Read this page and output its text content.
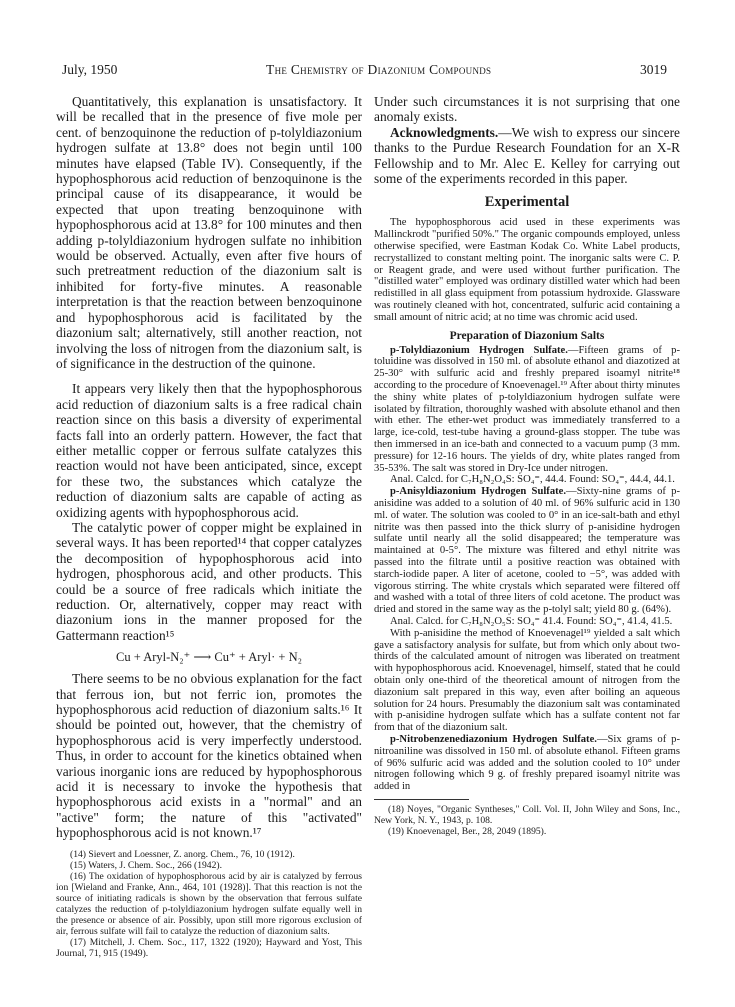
July, 1950	The Chemistry of Diazonium Compounds	3019

Quantitatively, this explanation is unsatisfactory. It will be recalled that in the presence of five mole per cent. of benzoquinone the reduction of p-tolyldiazonium hydrogen sulfate at 13.8° does not begin until 100 minutes have elapsed (Table IV). Consequently, if the hypophosphorous acid reduction of benzoquinone is the principal cause of its disappearance, it would be expected that upon treating benzoquinone with hypophosphorous acid at 13.8° for 100 minutes and then adding p-tolyldiazonium hydrogen sulfate no inhibition would be observed. Actually, even after five hours of such pretreatment reduction of the diazonium salt is inhibited for forty-five minutes. A reasonable interpretation is that the reaction between benzoquinone and hypophosphorous acid is facilitated by the diazonium salt; alternatively, still another reaction, not involving the loss of nitrogen from the diazonium salt, is of significance in the destruction of the quinone.

It appears very likely then that the hypophosphorous acid reduction of diazonium salts is a free radical chain reaction since on this basis a diversity of experimental facts fall into an orderly pattern. However, the fact that either metallic copper or ferrous sulfate catalyzes this reaction would not have been anticipated, since, except for these two, the substances which catalyze the reduction of diazonium salts are capable of acting as oxidizing agents with hypophosphorous acid.

The catalytic power of copper might be explained in several ways. It has been reported¹⁴ that copper catalyzes the decomposition of hypophosphorous acid into hydrogen, phosphorous acid, and other products. This could be a source of free radicals which initiate the reduction. Or, alternatively, copper may react with diazonium ions in the manner proposed for the Gattermann reaction¹⁵

Cu + Aryl-N₂⁺ ⟶ Cu⁺ + Aryl· + N₂

There seems to be no obvious explanation for the fact that ferrous ion, but not ferric ion, promotes the hypophosphorous acid reduction of diazonium salts.¹⁶ It should be pointed out, however, that the chemistry of hypophosphorous acid is very imperfectly understood. Thus, in order to account for the kinetics obtained when various inorganic ions are reduced by hypophosphorous acid it is necessary to invoke the hypothesis that hypophosphorous acid exists in a "normal" and an "active" form; the nature of this "activated" hypophosphorous acid is not known.¹⁷

(14) Sievert and Loessner, Z. anorg. Chem., 76, 10 (1912).

(15) Waters, J. Chem. Soc., 266 (1942).

(16) The oxidation of hypophosphorous acid by air is catalyzed by ferrous ion [Wieland and Franke, Ann., 464, 101 (1928)]. That this reaction is not the source of initiating radicals is shown by the observation that ferrous sulfate catalyzes the reduction of p-tolyldiazonium hydrogen sulfate equally well in the presence or absence of air. Possibly, upon still more rigorous exclusion of air, ferrous sulfate will fail to catalyze the reduction of diazonium salts.

(17) Mitchell, J. Chem. Soc., 117, 1322 (1920); Hayward and Yost, This Journal, 71, 915 (1949).

Under such circumstances it is not surprising that one anomaly exists.

Acknowledgments.—We wish to express our sincere thanks to the Purdue Research Foundation for an X-R Fellowship and to Mr. Alec E. Kelley for carrying out some of the experiments recorded in this paper.

Experimental

The hypophosphorous acid used in these experiments was Mallinckrodt "purified 50%." The organic compounds employed, unless otherwise specified, were Eastman Kodak Co. White Label products, recrystallized to constant melting point. The inorganic salts were C. P. or Reagent grade, and were used without further purification. The "distilled water" employed was ordinary distilled water which had been redistilled in all glass equipment from potassium hydroxide. Glassware was routinely cleaned with hot, concentrated, sulfuric acid containing a small amount of nitric acid; at no time was chromic acid used.

Preparation of Diazonium Salts

p-Tolyldiazonium Hydrogen Sulfate.—Fifteen grams of p-toluidine was dissolved in 150 ml. of absolute ethanol and diazotized at 25-30° with sulfuric acid and freshly prepared isoamyl nitrite¹⁸ according to the procedure of Knoevenagel.¹⁹ After about thirty minutes the shiny white plates of p-tolyldiazonium hydrogen sulfate were isolated by filtration, thoroughly washed with absolute ethanol and then with ether. The ether-wet product was immediately transferred to a large, ice-cold, test-tube having a ground-glass stopper. The tube was then immersed in an ice-bath and connected to a vacuum pump (3 mm. pressure) for 12-16 hours. The yields of dry, white plates ranged from 35-53%. The salt was stored in Dry-Ice under nitrogen.

Anal. Calcd. for C₇H₈N₂O₄S: SO₄⁼, 44.4. Found: SO₄⁼, 44.4, 44.1.

p-Anisyldiazonium Hydrogen Sulfate.—Sixty-nine grams of p-anisidine was added to a solution of 40 ml. of 96% sulfuric acid in 130 ml. of water. The solution was cooled to 0° in an ice-salt-bath and ethyl nitrite was then passed into the thick slurry of p-anisidine hydrogen sulfate until nearly all the solid disappeared; the temperature was maintained at 0-5°. The mixture was filtered and ethyl nitrite was passed into the filtrate until a positive reaction was obtained with starch-iodide paper. A liter of acetone, cooled to −5°, was added with vigorous stirring. The white crystals which separated were filtered off and washed with a total of three liters of cold acetone. The product was dried and stored in the same way as the p-tolyl salt; yield 80 g. (64%).

Anal. Calcd. for C₇H₈N₂O₅S: SO₄⁼ 41.4. Found: SO₄⁼, 41.4, 41.5.

With p-anisidine the method of Knoevenagel¹⁹ yielded a salt which gave a satisfactory analysis for sulfate, but from which only about two-thirds of the calculated amount of nitrogen was liberated on treatment with hypophosphorous acid. Knoevenagel, himself, stated that he could obtain only one-third of the theoretical amount of nitrogen from the diazonium salt prepared in this way, even after boiling an aqueous solution for 24 hours. Presumably the diazonium salt was contaminated with p-anisidine hydrogen sulfate which has a sulfate content not far from that of the diazonium salt.

p-Nitrobenzenediazonium Hydrogen Sulfate.—Six grams of p-nitroaniline was dissolved in 150 ml. of absolute ethanol. Fifteen grams of 96% sulfuric acid was added and the solution cooled to 10° under nitrogen following which 9 g. of freshly prepared isoamyl nitrite was added in

(18) Noyes, "Organic Syntheses," Coll. Vol. II, John Wiley and Sons, Inc., New York, N. Y., 1943, p. 108.

(19) Knoevenagel, Ber., 28, 2049 (1895).
